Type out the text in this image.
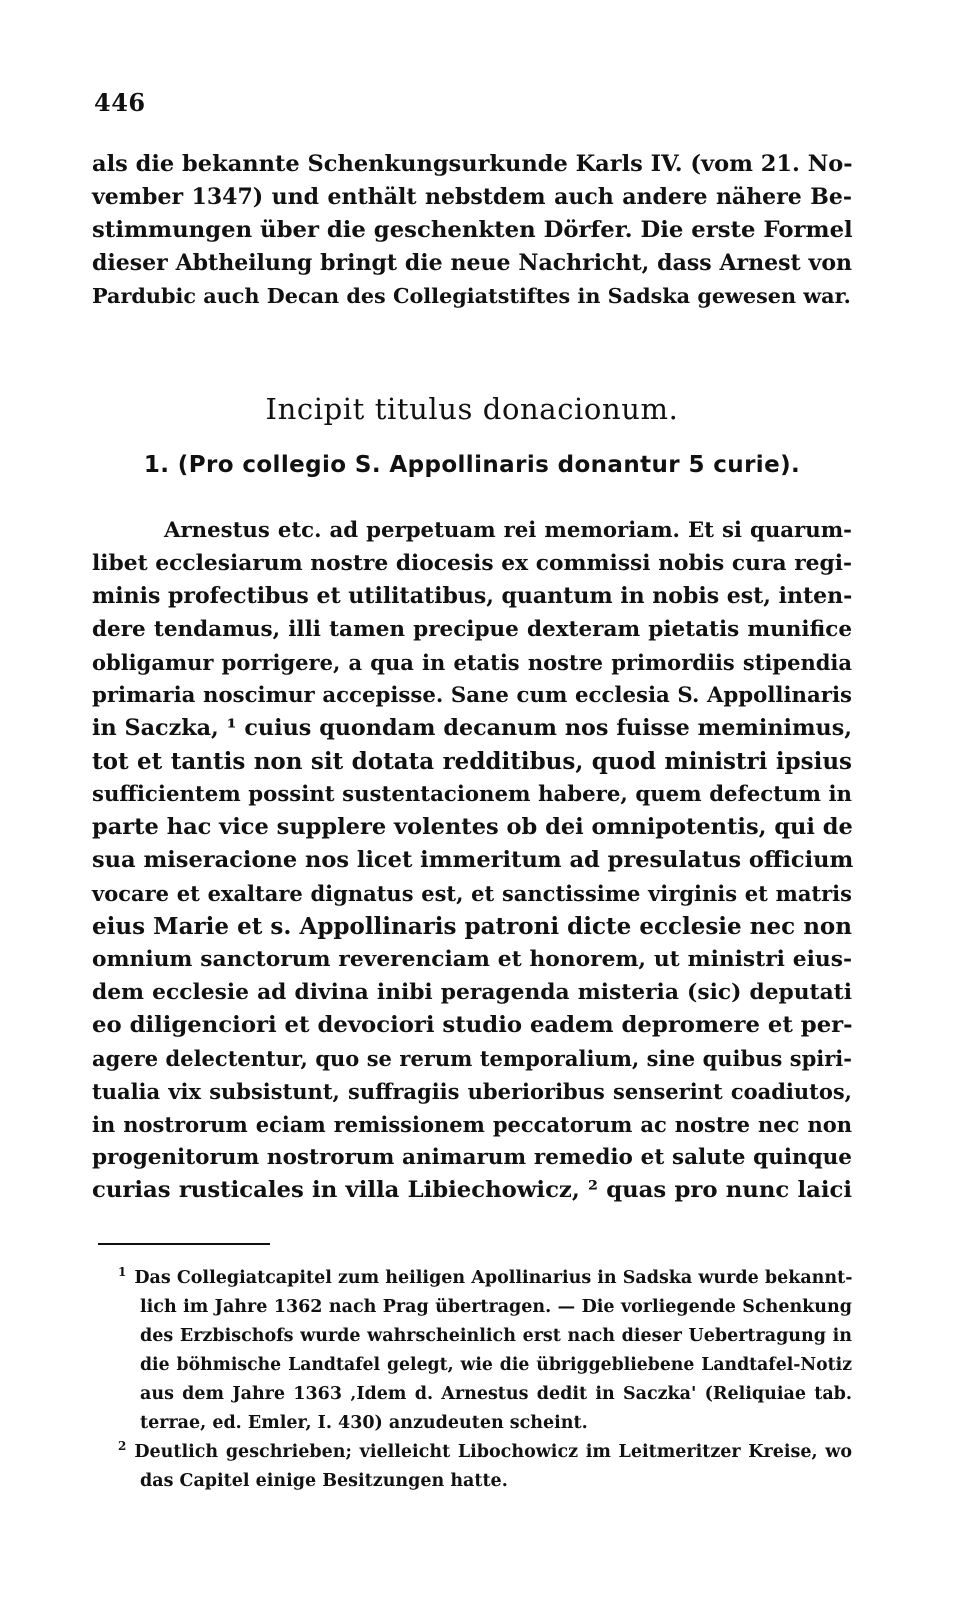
446
als die bekannte Schenkungsurkunde Karls IV. (vom 21. No-
vember 1347) und enthält nebstdem auch andere nähere Be-
stimmungen über die geschenkten Dörfer. Die erste Formel
dieser Abtheilung bringt die neue Nachricht, dass Arnest von
Pardubic auch Decan des Collegiatstiftes in Sadska gewesen war.
Incipit titulus donacionum.
1. (Pro collegio S. Appollinaris donantur 5 curie).
Arnestus etc. ad perpetuam rei memoriam. Et si quarum-
libet ecclesiarum nostre diocesis ex commissi nobis cura regi-
minis profectibus et utilitatibus, quantum in nobis est, inten-
dere tendamus, illi tamen precipue dexteram pietatis munifice
obligamur porrigere, a qua in etatis nostre primordiis stipendia
primaria noscimur accepisse. Sane cum ecclesia S. Appollinaris
in Saczka, ¹ cuius quondam decanum nos fuisse meminimus,
tot et tantis non sit dotata redditibus, quod ministri ipsius
sufficientem possint sustentacionem habere, quem defectum in
parte hac vice supplere volentes ob dei omnipotentis, qui de
sua miseracione nos licet immeritum ad presulatus officium
vocare et exaltare dignatus est, et sanctissime virginis et matris
eius Marie et s. Appollinaris patroni dicte ecclesie nec non
omnium sanctorum reverenciam et honorem, ut ministri eius-
dem ecclesie ad divina inibi peragenda misteria (sic) deputati
eo diligenciori et devociori studio eadem depromere et per-
agere delectentur, quo se rerum temporalium, sine quibus spiri-
tualia vix subsistunt, suffragiis uberioribus senserint coadiutos,
in nostrorum eciam remissionem peccatorum ac nostre nec non
progenitorum nostrorum animarum remedio et salute quinque
curias rusticales in villa Libiechowicz, ² quas pro nunc laici
$^1$ Das Collegiatcapitel zum heiligen Apollinarius in Sadska wurde bekannt-
lich im Jahre 1362 nach Prag übertragen. — Die vorliegende Schenkung
des Erzbischofs wurde wahrscheinlich erst nach dieser Uebertragung in
die böhmische Landtafel gelegt, wie die übriggebliebene Landtafel-Notiz
aus dem Jahre 1363 ‚Idem d. Arnestus dedit in Saczka' (Reliquiae tab.
terrae, ed. Emler, I. 430) anzudeuten scheint.
$^2$ Deutlich geschrieben; vielleicht Libochowicz im Leitmeritzer Kreise, wo
das Capitel einige Besitzungen hatte.
